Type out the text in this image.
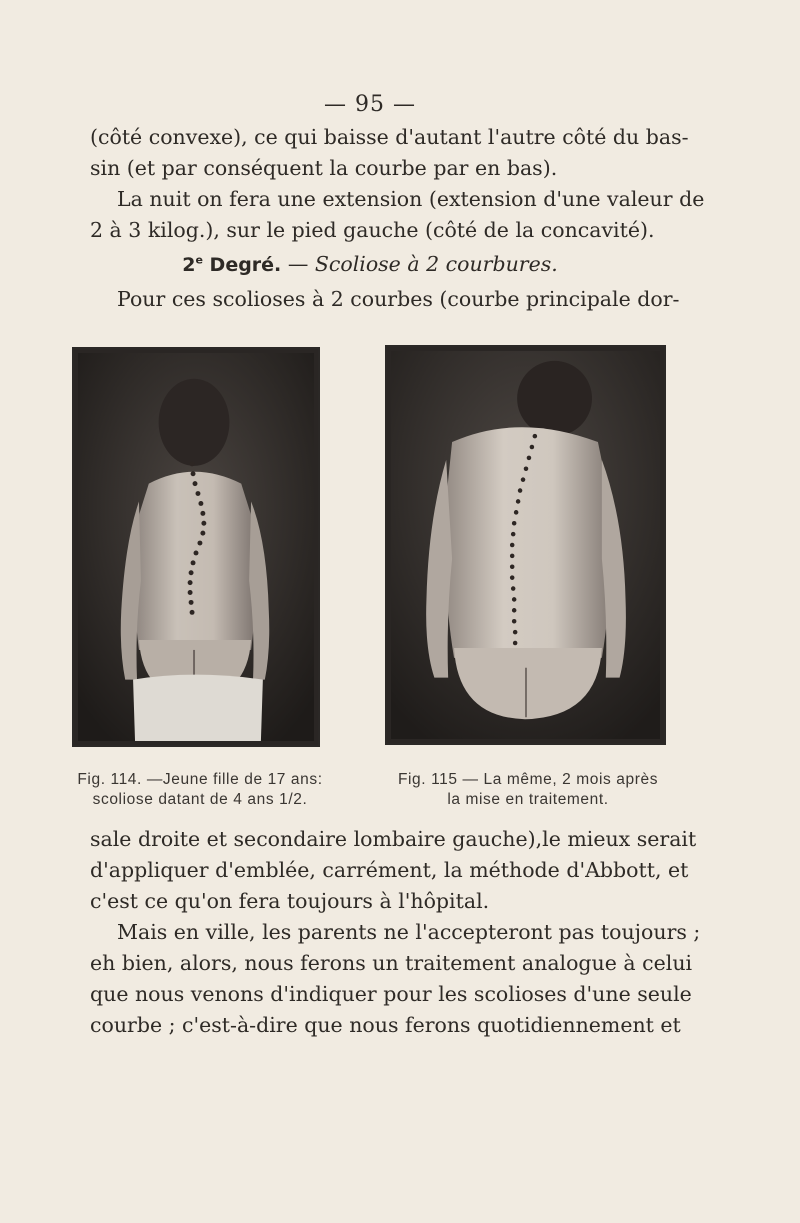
— 95 —

(côté convexe), ce qui baisse d'autant l'autre côté du bas-
sin (et par conséquent la courbe par en bas).
La nuit on fera une extension (extension d'une valeur de
2 à 3 kilog.), sur le pied gauche (côté de la concavité).

2e Degré. — Scoliose à 2 courbures.

Pour ces scolioses à 2 courbes (courbe principale dor-

Fig. 114. —Jeune fille de 17 ans:
scoliose datant de 4 ans 1/2.
Fig. 115 — La même, 2 mois après
la mise en traitement.

sale droite et secondaire lombaire gauche),le mieux serait
d'appliquer d'emblée, carrément, la méthode d'Abbott, et
c'est ce qu'on fera toujours à l'hôpital.
Mais en ville, les parents ne l'accepteront pas toujours ;
eh bien, alors, nous ferons un traitement analogue à celui
que nous venons d'indiquer pour les scolioses d'une seule
courbe ; c'est-à-dire que nous ferons quotidiennement et
